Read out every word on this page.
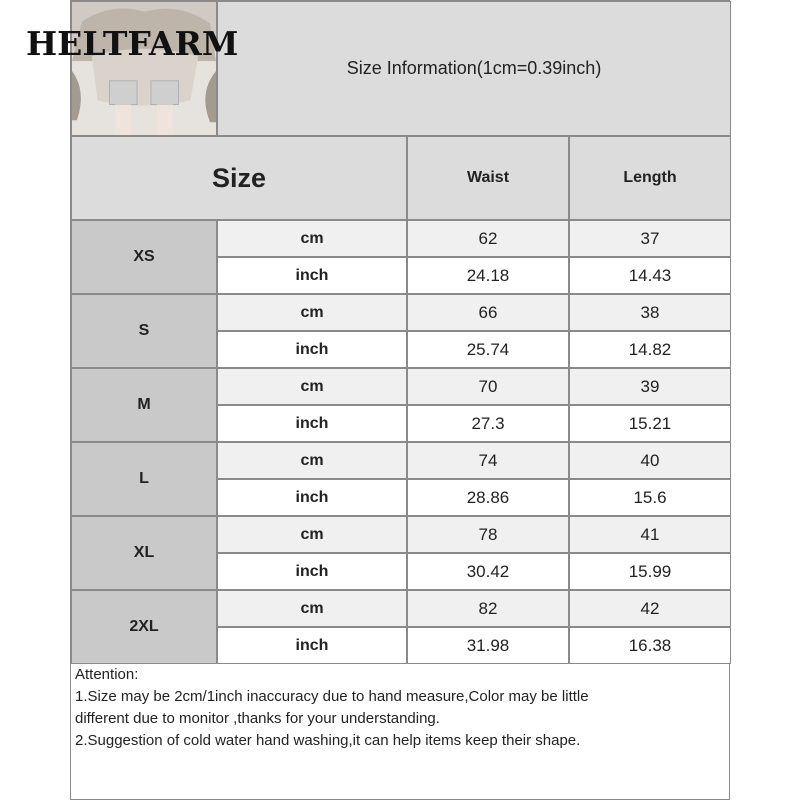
Size Information(1cm=0.39inch)
Size	Waist	Length
XS
cm	62	37
inch	24.18	14.43
S
cm	66	38
inch	25.74	14.82
M
cm	70	39
inch	27.3	15.21
L
cm	74	40
inch	28.86	15.6
XL
cm	78	41
inch	30.42	15.99
2XL
cm	82	42
inch	31.98	16.38
Attention:
1.Size may be 2cm/1inch inaccuracy due to hand measure,Color may be little
different due to monitor ,thanks for your understanding.
2.Suggestion of cold water hand washing,it can help items keep their shape.
HELTFARM
